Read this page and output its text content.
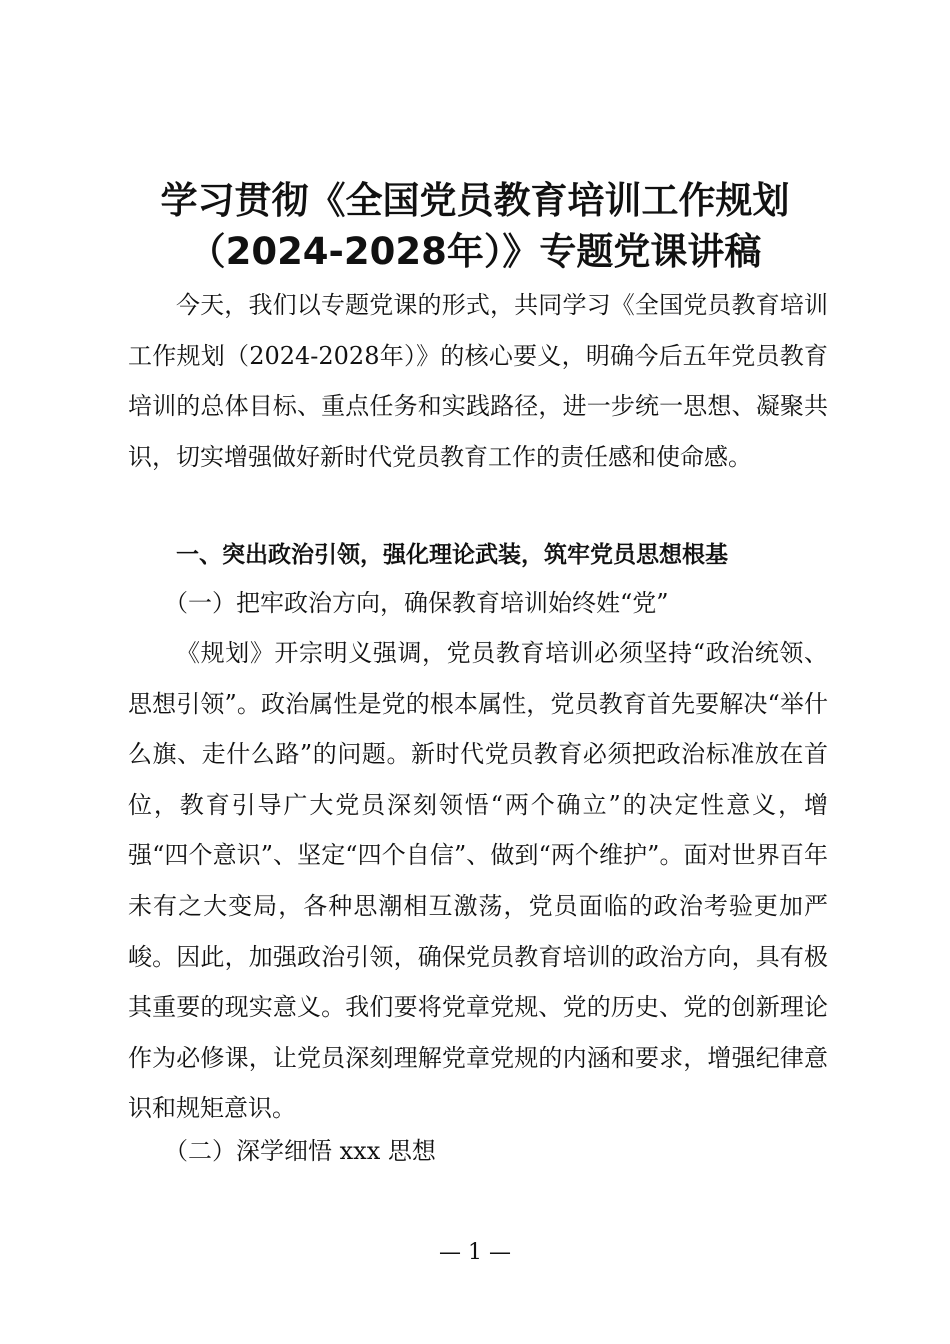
学习贯彻《全国党员教育培训工作规划
（2024-2028年）》专题党课讲稿
今天，我们以专题党课的形式，共同学习《全国党员教育培训工作规划（2024-2028年）》的核心要义，明确今后五年党员教育培训的总体目标、重点任务和实践路径，进一步统一思想、凝聚共识，切实增强做好新时代党员教育工作的责任感和使命感。
一、突出政治引领，强化理论武装，筑牢党员思想根基
（一）把牢政治方向，确保教育培训始终姓“党”
《规划》开宗明义强调，党员教育培训必须坚持“政治统领、思想引领”。政治属性是党的根本属性，党员教育首先要解决“举什么旗、走什么路”的问题。新时代党员教育必须把政治标准放在首位，教育引导广大党员深刻领悟“两个确立”的决定性意义，增强“四个意识”、坚定“四个自信”、做到“两个维护”。面对世界百年未有之大变局，各种思潮相互激荡，党员面临的政治考验更加严峻。因此，加强政治引领，确保党员教育培训的政治方向，具有极其重要的现实意义。我们要将党章党规、党的历史、党的创新理论作为必修课，让党员深刻理解党章党规的内涵和要求，增强纪律意识和规矩意识。
（二）深学细悟 xxx 思想
— 1 —
